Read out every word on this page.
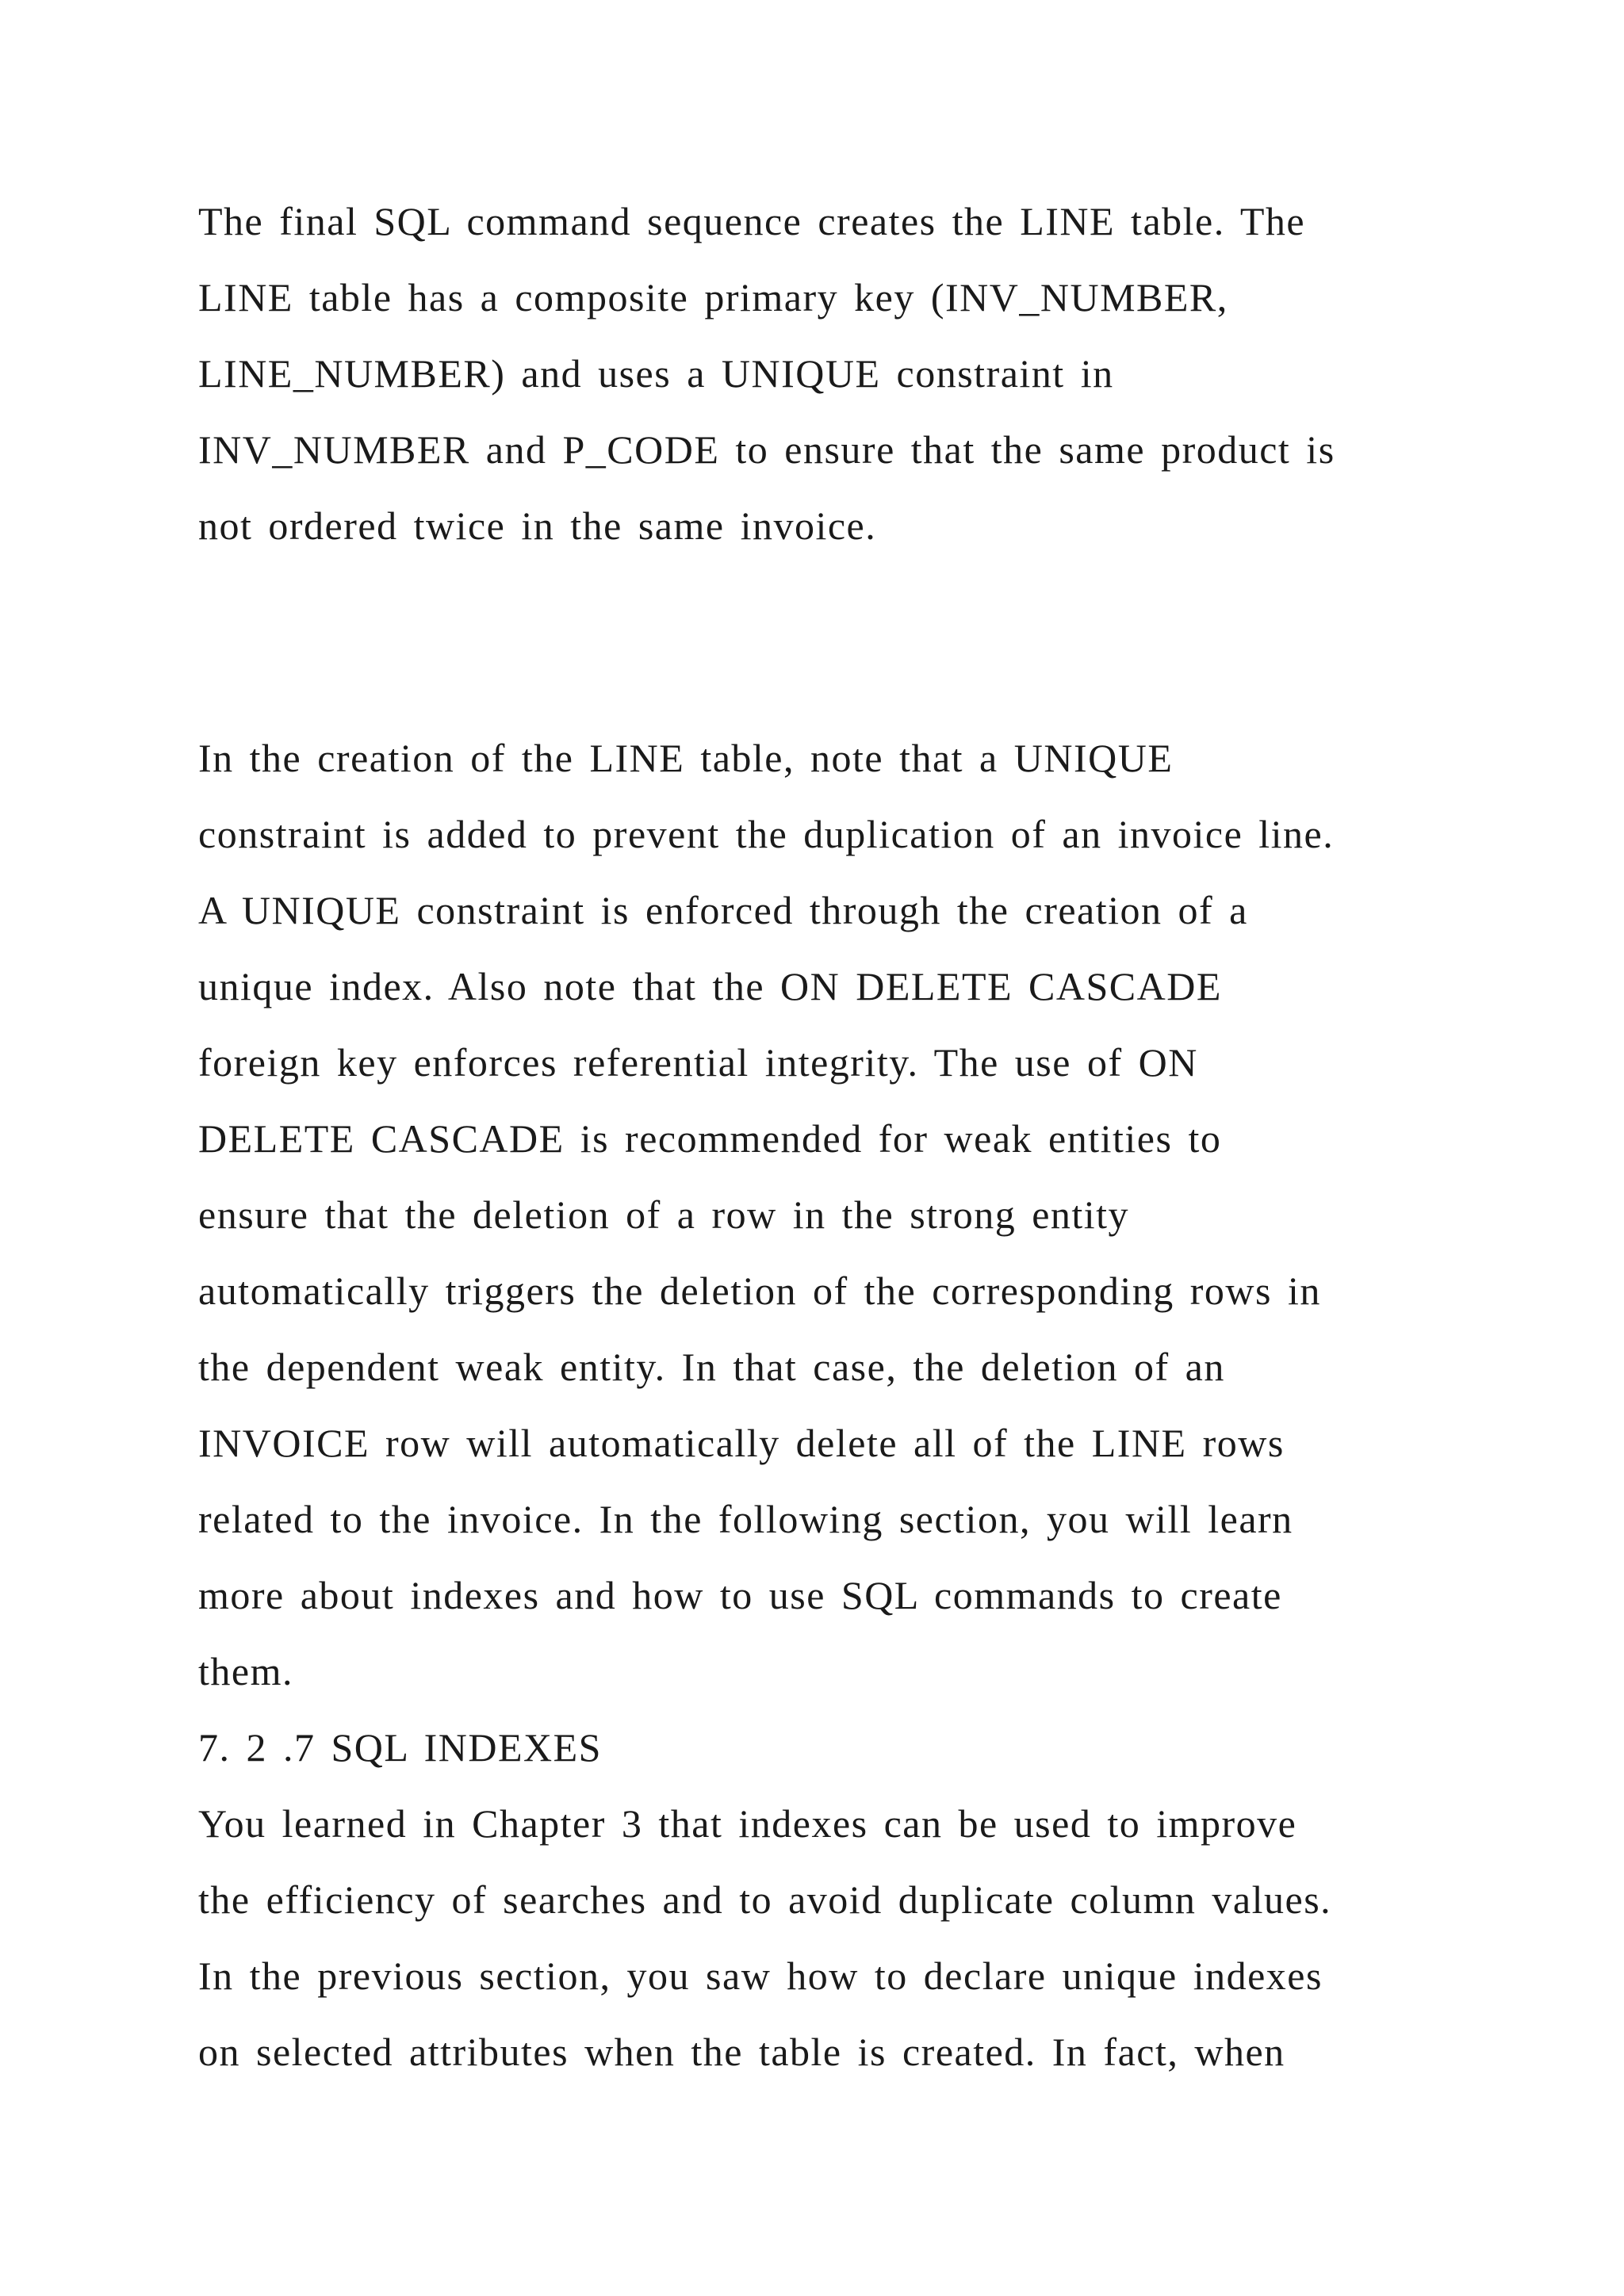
The final SQL command sequence creates the LINE table. The
LINE table has a composite primary key (INV_NUMBER,
LINE_NUMBER) and uses a UNIQUE constraint in
INV_NUMBER and P_CODE to ensure that the same product is
not ordered twice in the same invoice.
In the creation of the LINE table, note that a UNIQUE
constraint is added to prevent the duplication of an invoice line.
A UNIQUE constraint is enforced through the creation of a
unique index. Also note that the ON DELETE CASCADE
foreign key enforces referential integrity. The use of ON
DELETE CASCADE is recommended for weak entities to
ensure that the deletion of a row in the strong entity
automatically triggers the deletion of the corresponding rows in
the dependent weak entity. In that case, the deletion of an
INVOICE row will automatically delete all of the LINE rows
related to the invoice. In the following section, you will learn
more about indexes and how to use SQL commands to create
them.
7. 2 .7 SQL INDEXES
You learned in Chapter 3 that indexes can be used to improve
the efficiency of searches and to avoid duplicate column values.
In the previous section, you saw how to declare unique indexes
on selected attributes when the table is created. In fact, when
